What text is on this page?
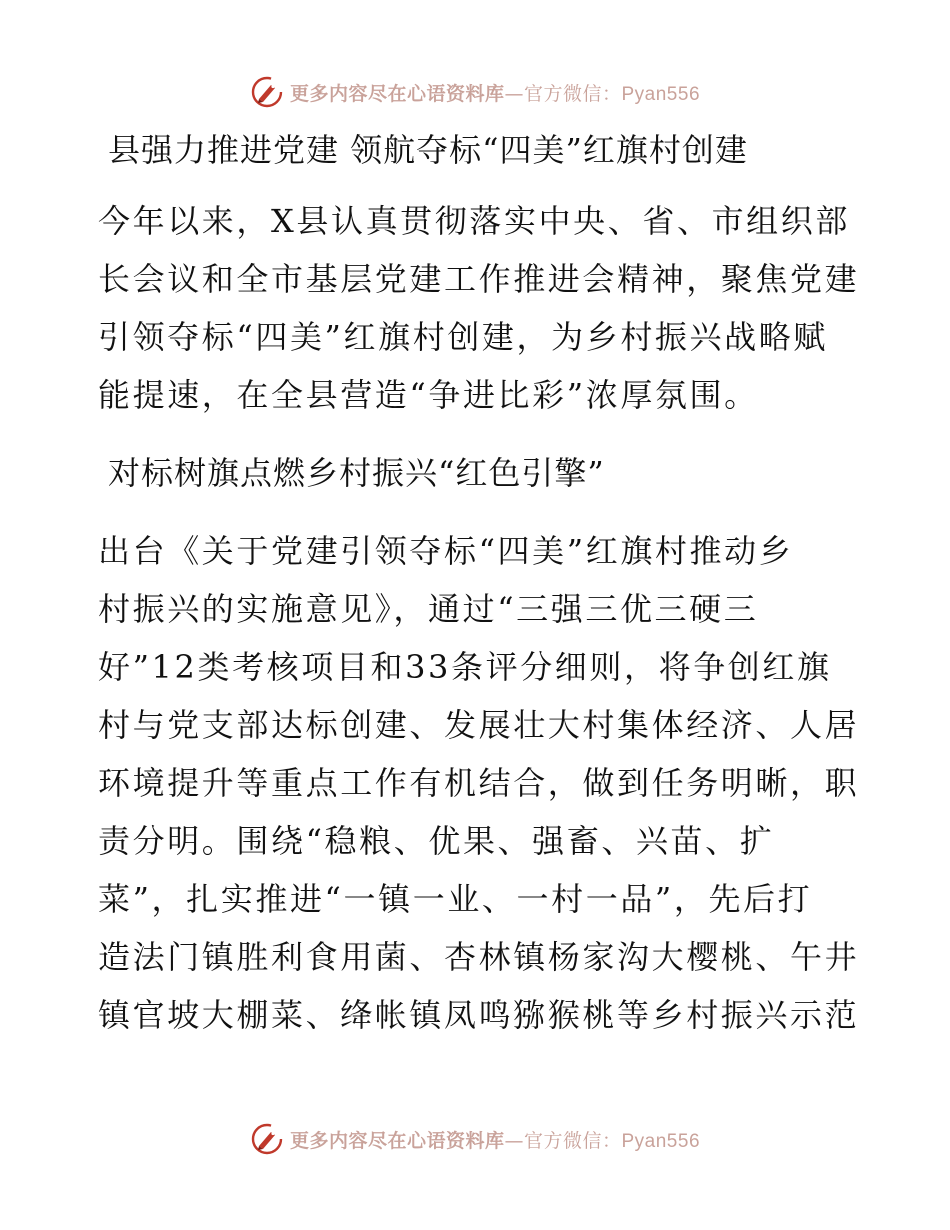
更多内容尽在心语资料库—官方微信：Pyan556
县强力推进党建 领航夺标“四美”红旗村创建
今年以来，X县认真贯彻落实中央、省、市组织部
长会议和全市基层党建工作推进会精神，聚焦党建
引领夺标“四美”红旗村创建，为乡村振兴战略赋
能提速，在全县营造“争进比彩”浓厚氛围。
对标树旗点燃乡村振兴“红色引擎”
出台《关于党建引领夺标“四美”红旗村推动乡
村振兴的实施意见》，通过“三强三优三硬三
好”12类考核项目和33条评分细则，将争创红旗
村与党支部达标创建、发展壮大村集体经济、人居
环境提升等重点工作有机结合，做到任务明晰，职
责分明。围绕“稳粮、优果、强畜、兴苗、扩
菜”，扎实推进“一镇一业、一村一品”，先后打
造法门镇胜利食用菌、杏林镇杨家沟大樱桃、午井
镇官坡大棚菜、绛帐镇凤鸣猕猴桃等乡村振兴示范
更多内容尽在心语资料库—官方微信：Pyan556
